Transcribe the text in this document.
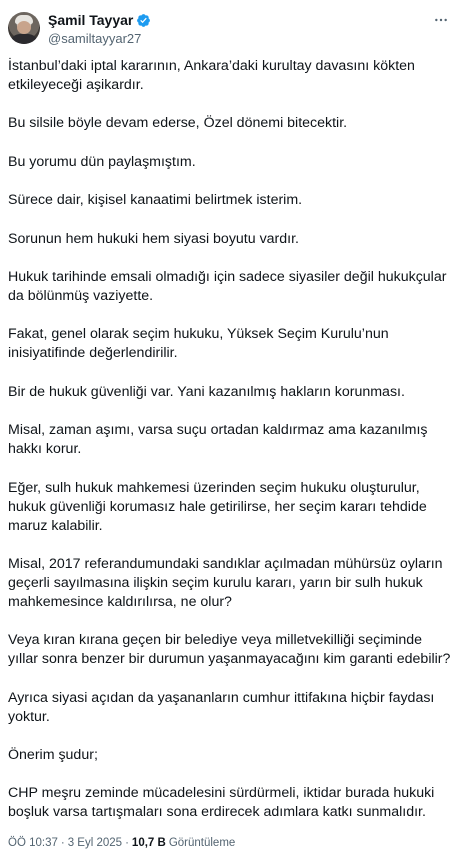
Şamil Tayyar
@samiltayyar27

İstanbul’daki iptal kararının, Ankara’daki kurultay davasını kökten etkileyeceği aşikardır.

Bu silsile böyle devam ederse, Özel dönemi bitecektir.

Bu yorumu dün paylaşmıştım.

Sürece dair, kişisel kanaatimi belirtmek isterim.

Sorunun hem hukuki hem siyasi boyutu vardır.

Hukuk tarihinde emsali olmadığı için sadece siyasiler değil hukukçular da bölünmüş vaziyette.

Fakat, genel olarak seçim hukuku, Yüksek Seçim Kurulu’nun inisiyatifinde değerlendirilir.

Bir de hukuk güvenliği var. Yani kazanılmış hakların korunması.

Misal, zaman aşımı, varsa suçu ortadan kaldırmaz ama kazanılmış hakkı korur.

Eğer, sulh hukuk mahkemesi üzerinden seçim hukuku oluşturulur, hukuk güvenliği korumasız hale getirilirse, her seçim kararı tehdide maruz kalabilir.

Misal, 2017 referandumundaki sandıklar açılmadan mühürsüz oyların geçerli sayılmasına ilişkin seçim kurulu kararı, yarın bir sulh hukuk mahkemesince kaldırılırsa, ne olur?

Veya kıran kırana geçen bir belediye veya milletvekilliği seçiminde yıllar sonra benzer bir durumun yaşanmayacağını kim garanti edebilir?

Ayrıca siyasi açıdan da yaşananların cumhur ittifakına hiçbir faydası yoktur.

Önerim şudur;

CHP meşru zeminde mücadelesini sürdürmeli, iktidar burada hukuki boşluk varsa tartışmaları sona erdirecek adımlara katkı sunmalıdır.

ÖÖ 10:37 · 3 Eyl 2025 · 10,7 B Görüntüleme
